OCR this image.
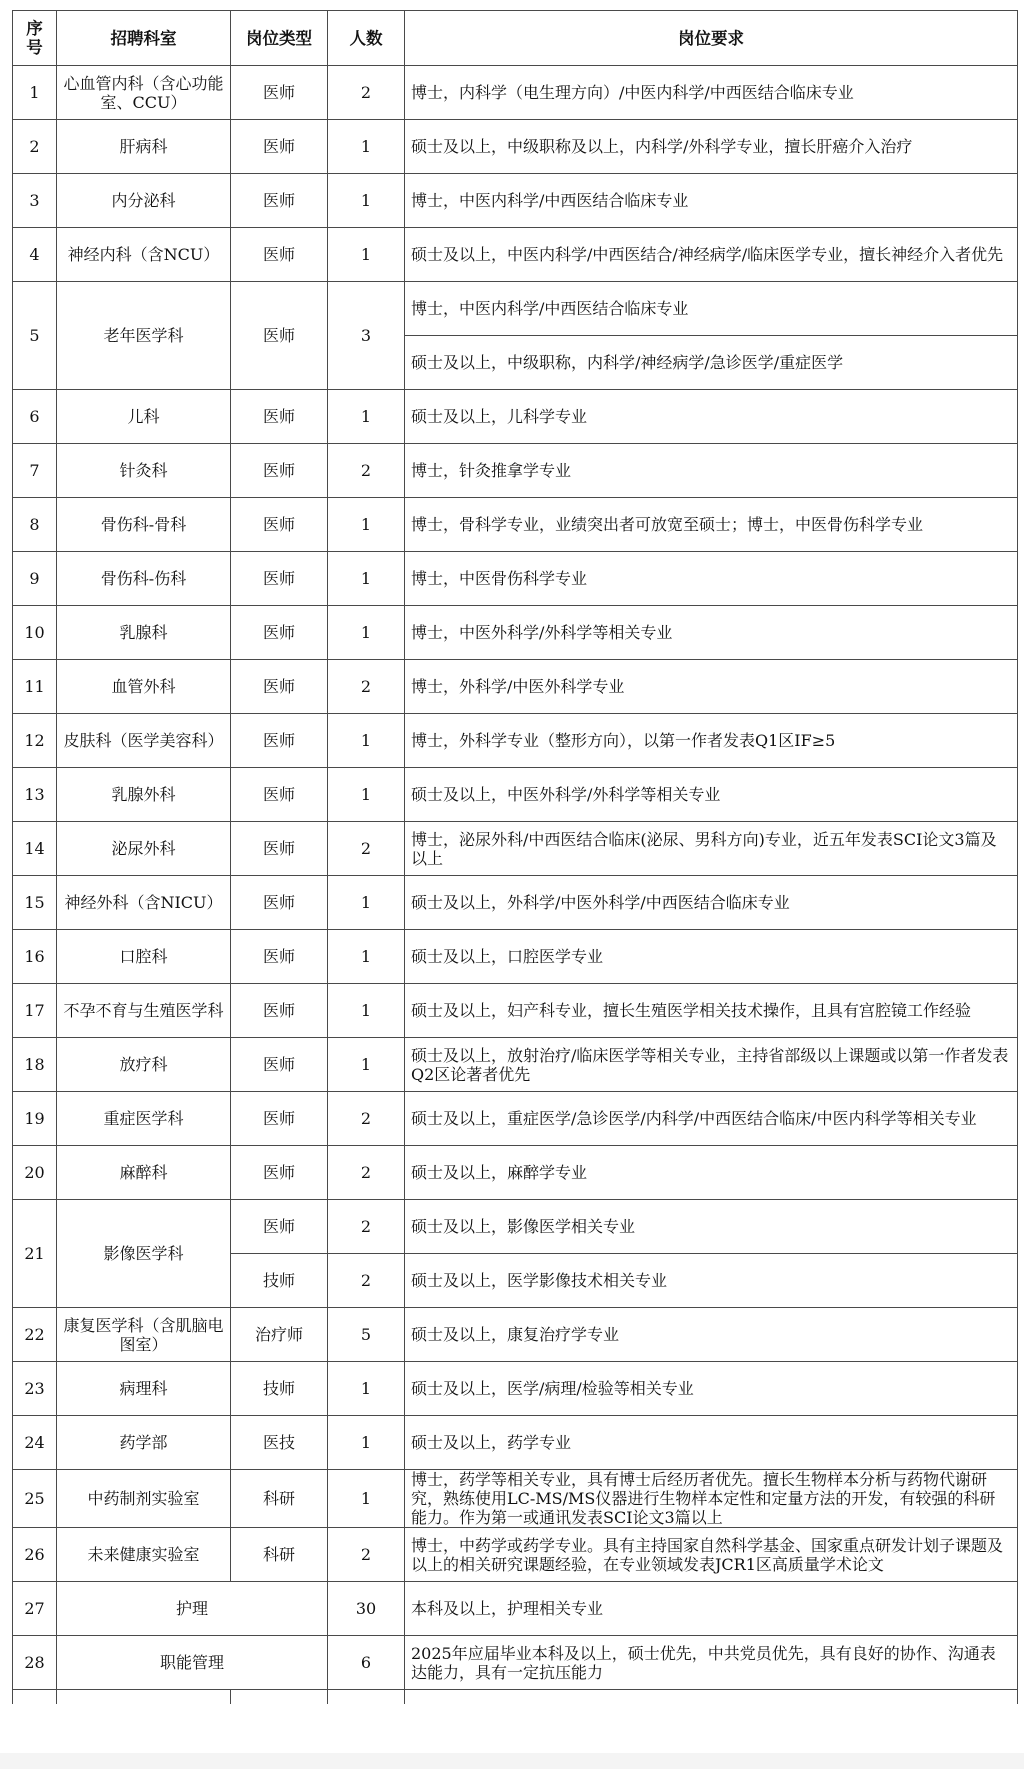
序号	招聘科室	岗位类型	人数	岗位要求
1	心血管内科（含心功能室、CCU）	医师	2	博士，内科学（电生理方向）/中医内科学/中西医结合临床专业
2	肝病科	医师	1	硕士及以上，中级职称及以上，内科学/外科学专业，擅长肝癌介入治疗
3	内分泌科	医师	1	博士，中医内科学/中西医结合临床专业
4	神经内科（含NCU）	医师	1	硕士及以上，中医内科学/中西医结合/神经病学/临床医学专业，擅长神经介入者优先
5	老年医学科	医师	3	博士，中医内科学/中西医结合临床专业
				硕士及以上，中级职称，内科学/神经病学/急诊医学/重症医学
6	儿科	医师	1	硕士及以上，儿科学专业
7	针灸科	医师	2	博士，针灸推拿学专业
8	骨伤科-骨科	医师	1	博士，骨科学专业，业绩突出者可放宽至硕士；博士，中医骨伤科学专业
9	骨伤科-伤科	医师	1	博士，中医骨伤科学专业
10	乳腺科	医师	1	博士，中医外科学/外科学等相关专业
11	血管外科	医师	2	博士，外科学/中医外科学专业
12	皮肤科（医学美容科）	医师	1	博士，外科学专业（整形方向），以第一作者发表Q1区IF≥5
13	乳腺外科	医师	1	硕士及以上，中医外科学/外科学等相关专业
14	泌尿外科	医师	2	博士，泌尿外科/中西医结合临床(泌尿、男科方向)专业，近五年发表SCI论文3篇及以上
15	神经外科（含NICU）	医师	1	硕士及以上，外科学/中医外科学/中西医结合临床专业
16	口腔科	医师	1	硕士及以上，口腔医学专业
17	不孕不育与生殖医学科	医师	1	硕士及以上，妇产科专业，擅长生殖医学相关技术操作，且具有宫腔镜工作经验
18	放疗科	医师	1	硕士及以上，放射治疗/临床医学等相关专业，主持省部级以上课题或以第一作者发表Q2区论著者优先
19	重症医学科	医师	2	硕士及以上，重症医学/急诊医学/内科学/中西医结合临床/中医内科学等相关专业
20	麻醉科	医师	2	硕士及以上，麻醉学专业
21	影像医学科	医师	2	硕士及以上，影像医学相关专业
		技师	2	硕士及以上，医学影像技术相关专业
22	康复医学科（含肌脑电图室）	治疗师	5	硕士及以上，康复治疗学专业
23	病理科	技师	1	硕士及以上，医学/病理/检验等相关专业
24	药学部	医技	1	硕士及以上，药学专业
25	中药制剂实验室	科研	1	博士，药学等相关专业，具有博士后经历者优先。擅长生物样本分析与药物代谢研究，熟练使用LC-MS/MS仪器进行生物样本定性和定量方法的开发，有较强的科研能力。作为第一或通讯发表SCI论文3篇以上
26	未来健康实验室	科研	2	博士，中药学或药学专业。具有主持国家自然科学基金、国家重点研发计划子课题及以上的相关研究课题经验，在专业领域发表JCR1区高质量学术论文
27	护理		30	本科及以上，护理相关专业
28	职能管理		6	2025年应届毕业本科及以上，硕士优先，中共党员优先，具有良好的协作、沟通表达能力，具有一定抗压能力
